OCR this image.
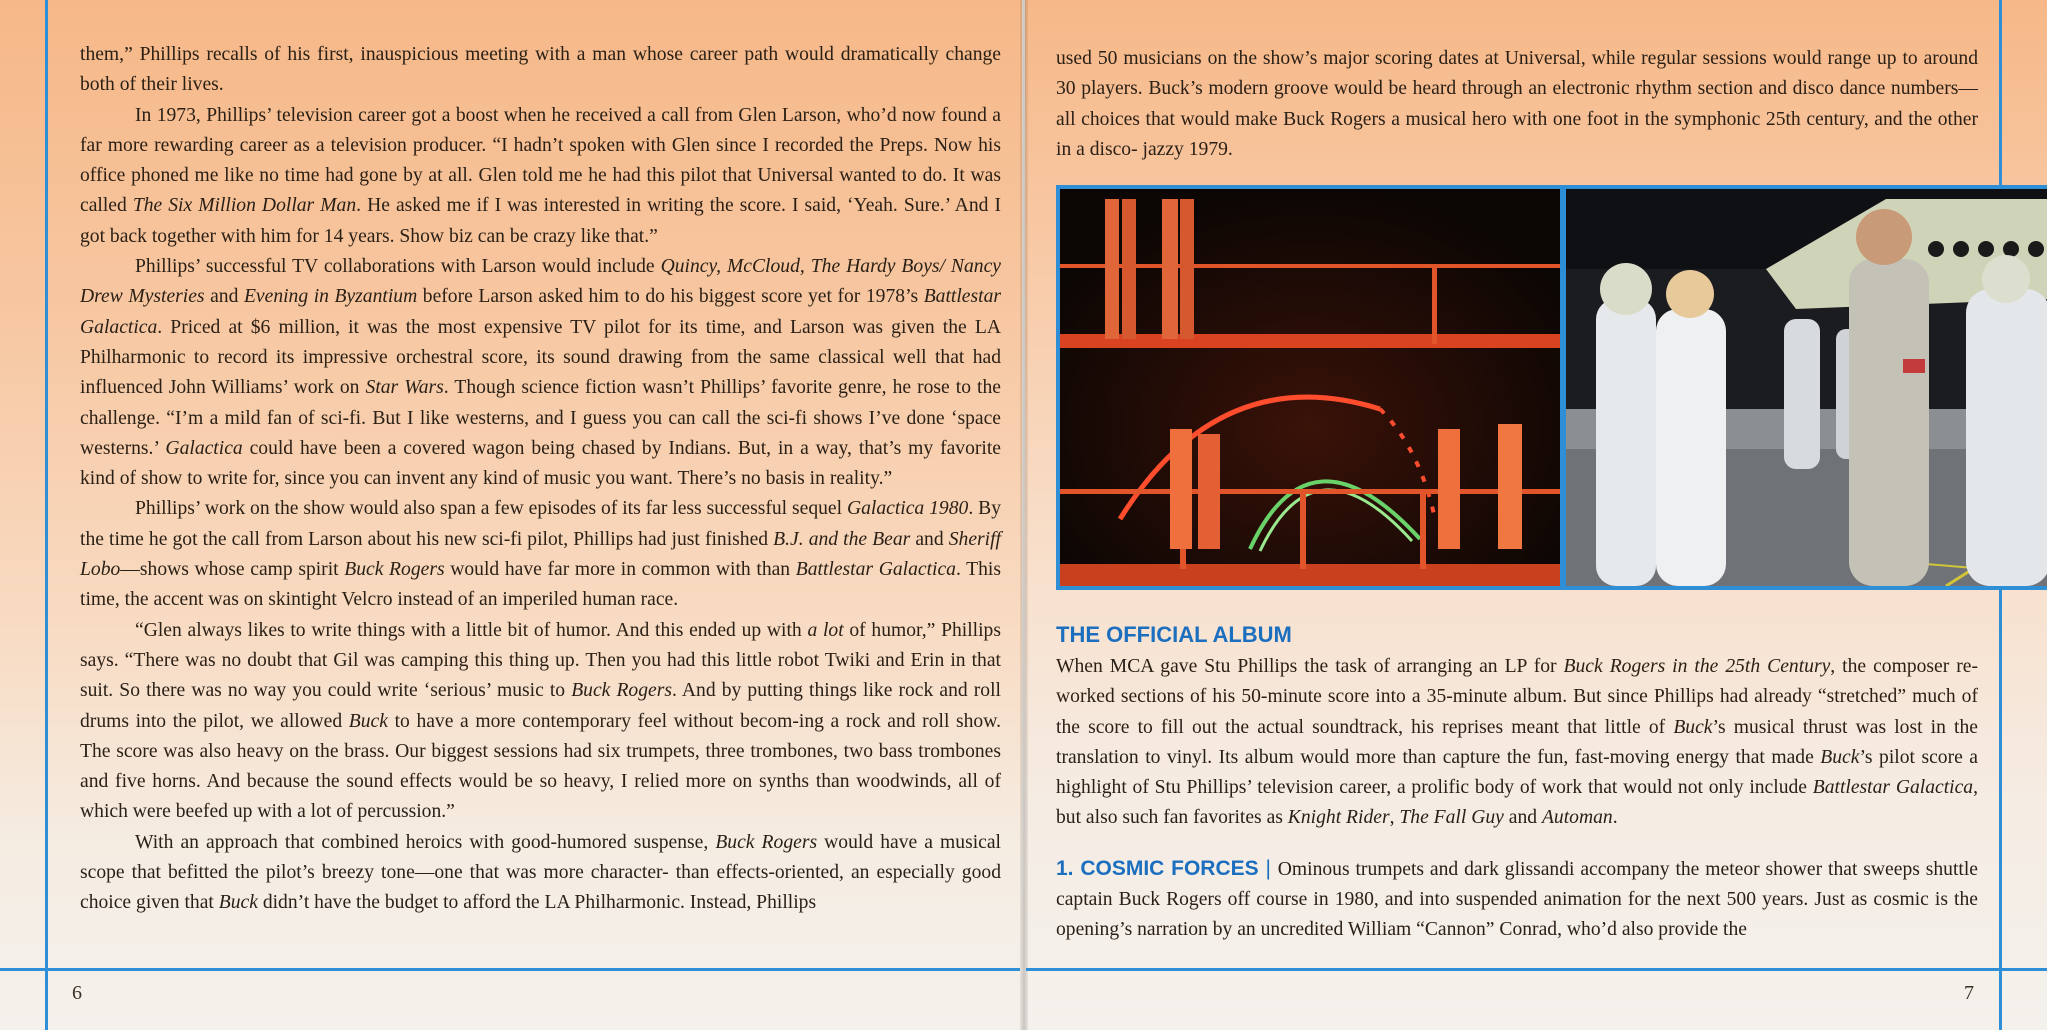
6	7

them,” Phillips recalls of his first, inauspicious meeting with a man whose career path would dramatically change both of their lives.

In 1973, Phillips’ television career got a boost when he received a call from Glen Larson, who’d now found a far more rewarding career as a television producer. “I hadn’t spoken with Glen since I recorded the Preps. Now his office phoned me like no time had gone by at all. Glen told me he had this pilot that Universal wanted to do. It was called The Six Million Dollar Man. He asked me if I was interested in writing the score. I said, ‘Yeah. Sure.’ And I got back together with him for 14 years. Show biz can be crazy like that.”

Phillips’ successful TV collaborations with Larson would include Quincy, McCloud, The Hardy Boys/ Nancy Drew Mysteries and Evening in Byzantium before Larson asked him to do his biggest score yet for 1978’s Battlestar Galactica. Priced at $6 million, it was the most expensive TV pilot for its time, and Larson was given the LA Philharmonic to record its impressive orchestral score, its sound drawing from the same classical well that had influenced John Williams’ work on Star Wars. Though science fiction wasn’t Phillips’ favorite genre, he rose to the challenge. “I’m a mild fan of sci-fi. But I like westerns, and I guess you can call the sci-fi shows I’ve done ‘space westerns.’ Galactica could have been a covered wagon being chased by Indians. But, in a way, that’s my favorite kind of show to write for, since you can invent any kind of music you want. There’s no basis in reality.”

Phillips’ work on the show would also span a few episodes of its far less successful sequel Galactica 1980. By the time he got the call from Larson about his new sci-fi pilot, Phillips had just finished B.J. and the Bear and Sheriff Lobo—shows whose camp spirit Buck Rogers would have far more in common with than Battlestar Galactica. This time, the accent was on skintight Velcro instead of an imperiled human race.

“Glen always likes to write things with a little bit of humor. And this ended up with a lot of humor,” Phillips says. “There was no doubt that Gil was camping this thing up. Then you had this little robot Twiki and Erin in that suit. So there was no way you could write ‘serious’ music to Buck Rogers. And by putting things like rock and roll drums into the pilot, we allowed Buck to have a more contemporary feel without becom-ing a rock and roll show. The score was also heavy on the brass. Our biggest sessions had six trumpets, three trombones, two bass trombones and five horns. And because the sound effects would be so heavy, I relied more on synths than woodwinds, all of which were beefed up with a lot of percussion.”

With an approach that combined heroics with good-humored suspense, Buck Rogers would have a musical scope that befitted the pilot’s breezy tone—one that was more character- than effects-oriented, an especially good choice given that Buck didn’t have the budget to afford the LA Philharmonic. Instead, Phillips

used 50 musicians on the show’s major scoring dates at Universal, while regular sessions would range up to around 30 players. Buck’s modern groove would be heard through an electronic rhythm section and disco dance numbers—all choices that would make Buck Rogers a musical hero with one foot in the symphonic 25th century, and the other in a disco- jazzy 1979.

THE OFFICIAL ALBUM

When MCA gave Stu Phillips the task of arranging an LP for Buck Rogers in the 25th Century, the composer re-worked sections of his 50-minute score into a 35-minute album. But since Phillips had already “stretched” much of the score to fill out the actual soundtrack, his reprises meant that little of Buck’s musical thrust was lost in the translation to vinyl. Its album would more than capture the fun, fast-moving energy that made Buck’s pilot score a highlight of Stu Phillips’ television career, a prolific body of work that would not only include Battlestar Galactica, but also such fan favorites as Knight Rider, The Fall Guy and Automan.

1. COSMIC FORCES | Ominous trumpets and dark glissandi accompany the meteor shower that sweeps shuttle captain Buck Rogers off course in 1980, and into suspended animation for the next 500 years. Just as cosmic is the opening’s narration by an uncredited William “Cannon” Conrad, who’d also provide the
